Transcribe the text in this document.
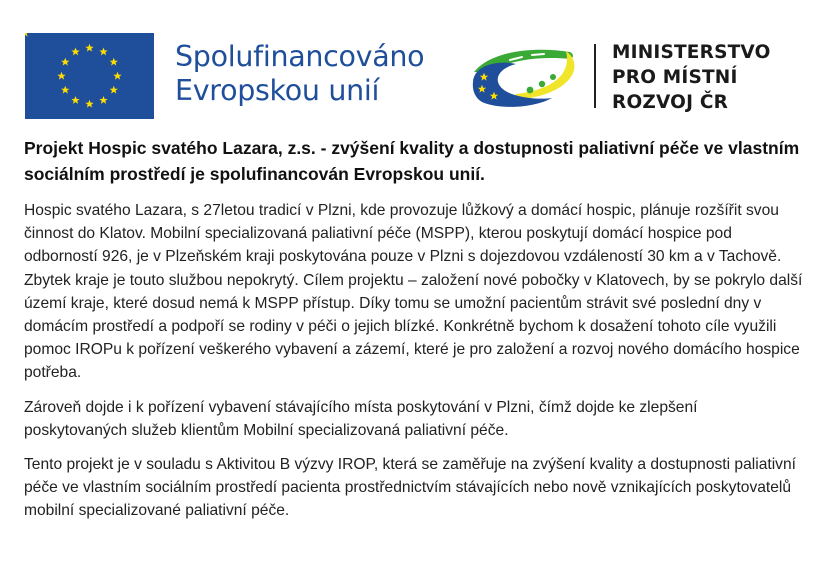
Spolufinancováno
Evropskou unií
MINISTERSTVO
PRO MÍSTNÍ
ROZVOJ ČR
Projekt Hospic svatého Lazara, z.s. - zvýšení kvality a dostupnosti paliativní péče ve vlastním sociálním prostředí je spolufinancován Evropskou unií.

Hospic svatého Lazara, s 27letou tradicí v Plzni, kde provozuje lůžkový a domácí hospic, plánuje rozšířit svou činnost do Klatov. Mobilní specializovaná paliativní péče (MSPP), kterou poskytují domácí hospice pod odborností 926, je v Plzeňském kraji poskytována pouze v Plzni s dojezdovou vzdáleností 30 km a v Tachově. Zbytek kraje je touto službou nepokrytý. Cílem projektu – založení nové pobočky v Klatovech, by se pokrylo další území kraje, které dosud nemá k MSPP přístup. Díky tomu se umožní pacientům strávit své poslední dny v domácím prostředí a podpoří se rodiny v péči o jejich blízké. Konkrétně bychom k dosažení tohoto cíle využili pomoc IROPu k pořízení veškerého vybavení a zázemí, které je pro založení a rozvoj nového domácího hospice potřeba.

Zároveň dojde i k pořízení vybavení stávajícího místa poskytování v Plzni, čímž dojde ke zlepšení poskytovaných služeb klientům Mobilní specializovaná paliativní péče.

Tento projekt je v souladu s Aktivitou B výzvy IROP, která se zaměřuje na zvýšení kvality a dostupnosti paliativní péče ve vlastním sociálním prostředí pacienta prostřednictvím stávajících nebo nově vznikajících poskytovatelů mobilní specializované paliativní péče.
